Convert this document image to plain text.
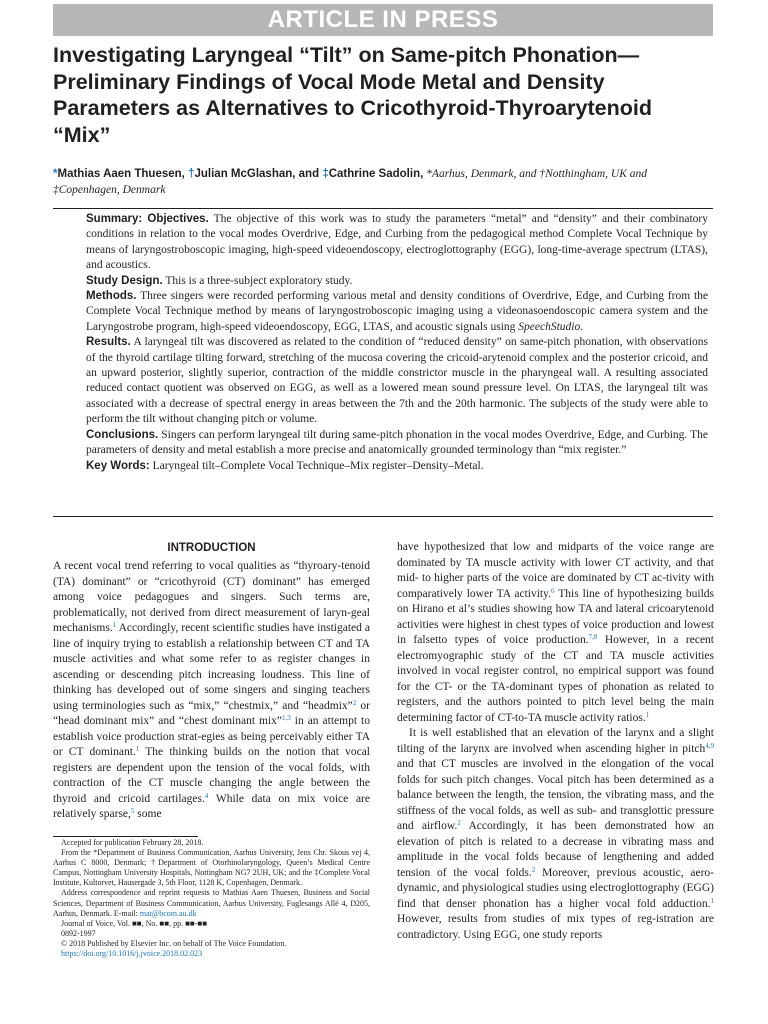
ARTICLE IN PRESS
Investigating Laryngeal “Tilt” on Same-pitch Phonation—Preliminary Findings of Vocal Mode Metal and Density Parameters as Alternatives to Cricothyroid-Thyroarytenoid “Mix”
*Mathias Aaen Thuesen, †Julian McGlashan, and ‡Cathrine Sadolin, *Aarhus, Denmark, and †Notthingham, UK and ‡Copenhagen, Denmark

Summary: Objectives. The objective of this work was to study the parameters “metal” and “density” and their combinatory conditions in relation to the vocal modes Overdrive, Edge, and Curbing from the pedagogical method Complete Vocal Technique by means of laryngostroboscopic imaging, high-speed videoendoscopy, electroglottography (EGG), long-time-average spectrum (LTAS), and acoustics.

Study Design. This is a three-subject exploratory study.

Methods. Three singers were recorded performing various metal and density conditions of Overdrive, Edge, and Curbing from the Complete Vocal Technique method by means of laryngostroboscopic imaging using a videonasoendoscopic camera system and the Laryngostrobe program, high-speed videoendoscopy, EGG, LTAS, and acoustic signals using SpeechStudio.

Results. A laryngeal tilt was discovered as related to the condition of “reduced density” on same-pitch phonation, with observations of the thyroid cartilage tilting forward, stretching of the mucosa covering the cricoid-arytenoid complex and the posterior cricoid, and an upward posterior, slightly superior, contraction of the middle constrictor muscle in the pharyngeal wall. A resulting associated reduced contact quotient was observed on EGG, as well as a lowered mean sound pressure level. On LTAS, the laryngeal tilt was associated with a decrease of spectral energy in areas between the 7th and the 20th harmonic. The subjects of the study were able to perform the tilt without changing pitch or volume.

Conclusions. Singers can perform laryngeal tilt during same-pitch phonation in the vocal modes Overdrive, Edge, and Curbing. The parameters of density and metal establish a more precise and anatomically grounded terminology than “mix register.”

Key Words: Laryngeal tilt–Complete Vocal Technique–Mix register–Density–Metal.

INTRODUCTION

A recent vocal trend referring to vocal qualities as “thyroary-tenoid (TA) dominant” or “cricothyroid (CT) dominant” has emerged among voice pedagogues and singers. Such terms are, problematically, not derived from direct measurement of laryn-geal mechanisms.$^1$ Accordingly, recent scientific studies have instigated a line of inquiry trying to establish a relationship between CT and TA muscle activities and what some refer to as register changes in ascending or descending pitch increasing loudness. This line of thinking has developed out of some singers and singing teachers using terminologies such as “mix,” “chestmix,” and “headmix”$^2$ or “head dominant mix” and “chest dominant mix”$^{1,3}$ in an attempt to establish voice production strat-egies as being perceivably either TA or CT dominant.$^1$ The thinking builds on the notion that vocal registers are dependent upon the tension of the vocal folds, with contraction of the CT muscle changing the angle between the thyroid and cricoid cartilages.$^4$ While data on mix voice are relatively sparse,$^5$ some

have hypothesized that low and midparts of the voice range are dominated by TA muscle activity with lower CT activity, and that mid- to higher parts of the voice are dominated by CT ac-tivity with comparatively lower TA activity.$^6$ This line of hypothesizing builds on Hirano et al’s studies showing how TA and lateral cricoarytenoid activities were highest in chest types of voice production and lowest in falsetto types of voice production.$^{7,8}$ However, in a recent electromyographic study of the CT and TA muscle activities involved in vocal register control, no empirical support was found for the CT- or the TA-dominant types of phonation as related to registers, and the authors pointed to pitch level being the main determining factor of CT-to-TA muscle activity ratios.$^1$

It is well established that an elevation of the larynx and a slight tilting of the larynx are involved when ascending higher in pitch$^{4,9}$ and that CT muscles are involved in the elongation of the vocal folds for such pitch changes. Vocal pitch has been determined as a balance between the length, the tension, the vibrating mass, and the stiffness of the vocal folds, as well as sub- and transglottic pressure and airflow.$^2$ Accordingly, it has been demonstrated how an elevation of pitch is related to a decrease in vibrating mass and amplitude in the vocal folds because of lengthening and added tension of the vocal folds.$^2$ Moreover, previous acoustic, aero-dynamic, and physiological studies using electroglottography (EGG) find that denser phonation has a higher vocal fold adduction.$^1$ However, results from studies of mix types of reg-istration are contradictory. Using EGG, one study reports

Accepted for publication February 28, 2018.

From the *Department of Business Communication, Aarhus University, Jens Chr. Skous vej 4, Aarhus C 8000, Denmark; †Department of Otorhinolaryngology, Queen’s Medical Centre Campus, Nottingham University Hospitals, Nottingham NG7 2UH, UK; and the ‡Complete Vocal Institute, Kultorvet, Hausergade 3, 5th Floor, 1128 K, Copenhagen, Denmark.

Address correspondence and reprint requests to Mathias Aaen Thuesen, Business and Social Sciences, Department of Business Communication, Aarhus University, Fuglesangs Allé 4, D205, Aarhus, Denmark. E-mail: mat@bcom.au.dk

Journal of Voice, Vol. ■■, No. ■■, pp. ■■-■■

0892-1997

© 2018 Published by Elsevier Inc. on behalf of The Voice Foundation.

https://doi.org/10.1016/j.jvoice.2018.02.023
